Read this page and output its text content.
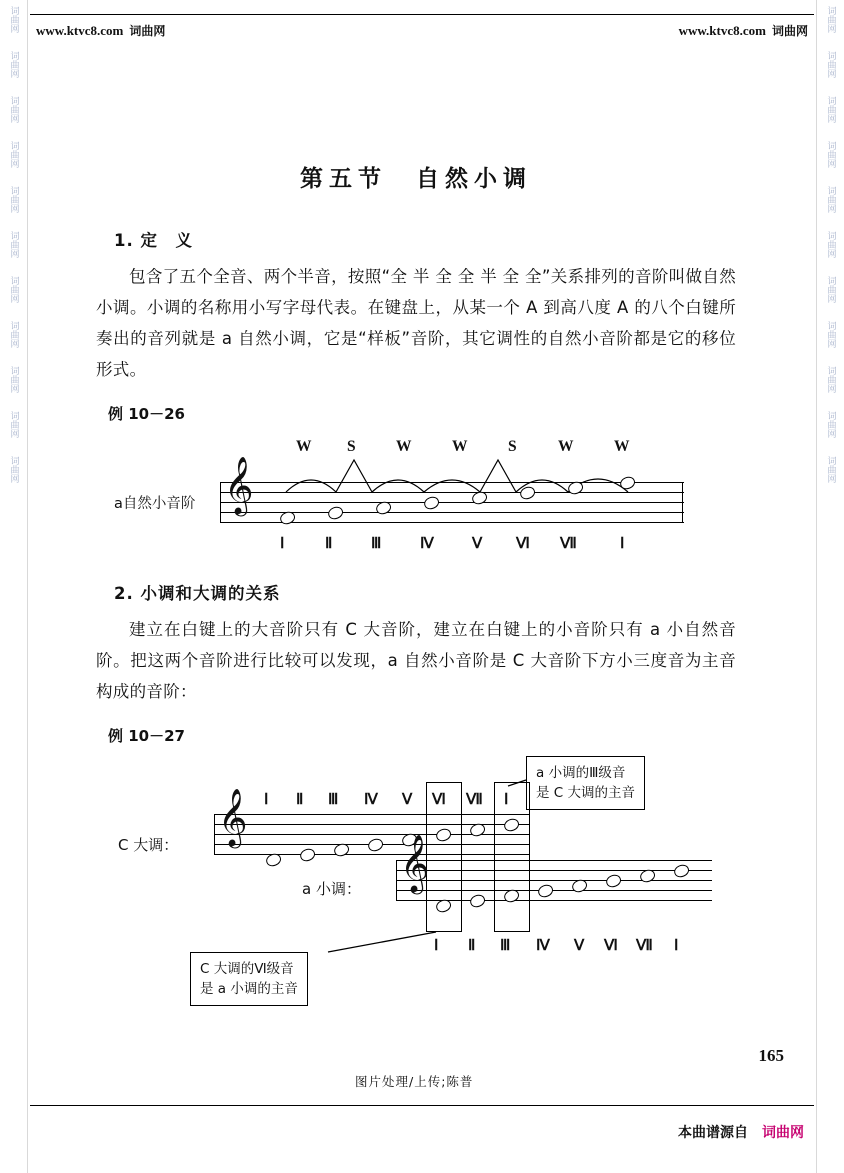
词曲网
词曲网
词曲网
词曲网
词曲网
词曲网
词曲网
词曲网
词曲网
词曲网
词曲网
词曲网
词曲网
词曲网
词曲网
词曲网
词曲网
词曲网
词曲网
词曲网
词曲网
词曲网
www.ktvc8.com 词曲网	www.ktvc8.com 词曲网
第五节　自然小调
1. 定　义

包含了五个全音、两个半音，按照“全 半 全 全 半 全 全”关系排列的音阶叫做自然小调。小调的名称用小写字母代表。在键盘上，从某一个 A 到高八度 A 的八个白键所奏出的音列就是 a 自然小调，它是“样板”音阶，其它调性的自然小音阶都是它的移位形式。

例 10－26
W S	W	W	S	W	W
a自然小音阶 𝄞
Ⅰ	Ⅱ	Ⅲ	Ⅳ	Ⅴ Ⅵ Ⅶ	Ⅰ
2. 小调和大调的关系

建立在白键上的大音阶只有 C 大音阶，建立在白键上的小音阶只有 a 小自然音阶。把这两个音阶进行比较可以发现，a 自然小音阶是 C 大音阶下方小三度音为主音构成的音阶：

例 10－27
a 小调的Ⅲ级音
是 C 大调的主音
C 大调： 𝄞 Ⅰ Ⅱ Ⅲ Ⅳ Ⅴ Ⅵ Ⅶ Ⅰ
a 小调： 𝄞
Ⅰ Ⅱ Ⅲ Ⅳ Ⅴ Ⅵ Ⅶ Ⅰ
C 大调的Ⅵ级音
是 a 小调的主音
165
图片处理/上传;陈普
本曲谱源自 词曲网
